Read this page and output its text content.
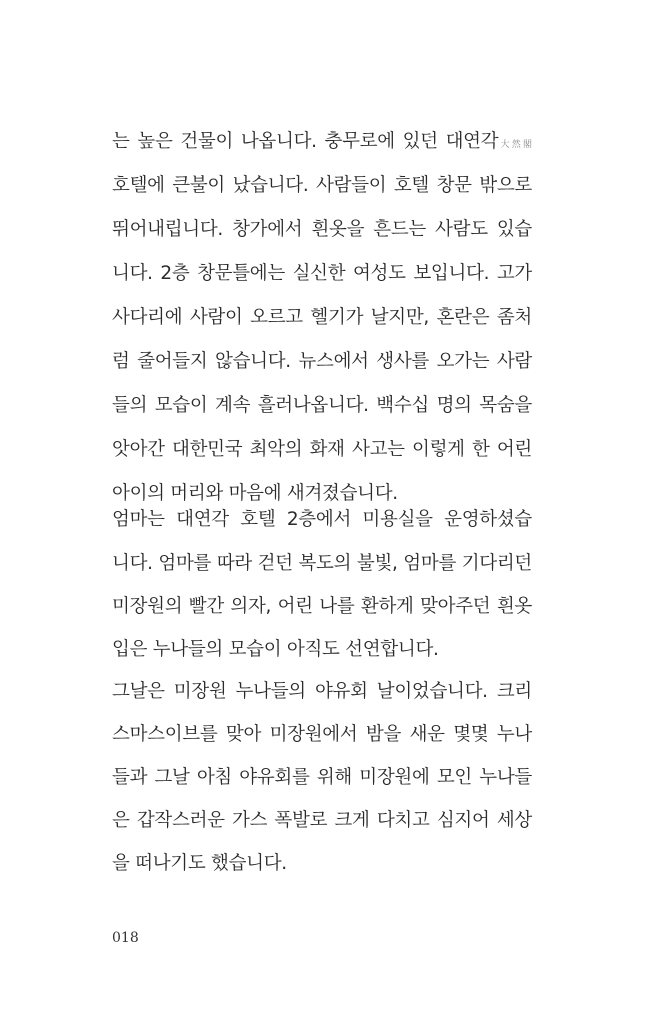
는 높은 건물이 나옵니다. 충무로에 있던 대연각大然閣
호텔에 큰불이 났습니다. 사람들이 호텔 창문 밖으로
뛰어내립니다. 창가에서 흰옷을 흔드는 사람도 있습
니다. 2층 창문틀에는 실신한 여성도 보입니다. 고가
사다리에 사람이 오르고 헬기가 날지만, 혼란은 좀처
럼 줄어들지 않습니다. 뉴스에서 생사를 오가는 사람
들의 모습이 계속 흘러나옵니다. 백수십 명의 목숨을
앗아간 대한민국 최악의 화재 사고는 이렇게 한 어린
아이의 머리와 마음에 새겨졌습니다.
엄마는 대연각 호텔 2층에서 미용실을 운영하셨습
니다. 엄마를 따라 걷던 복도의 불빛, 엄마를 기다리던
미장원의 빨간 의자, 어린 나를 환하게 맞아주던 흰옷
입은 누나들의 모습이 아직도 선연합니다.
그날은 미장원 누나들의 야유회 날이었습니다. 크리
스마스이브를 맞아 미장원에서 밤을 새운 몇몇 누나
들과 그날 아침 야유회를 위해 미장원에 모인 누나들
은 갑작스러운 가스 폭발로 크게 다치고 심지어 세상
을 떠나기도 했습니다.
018
